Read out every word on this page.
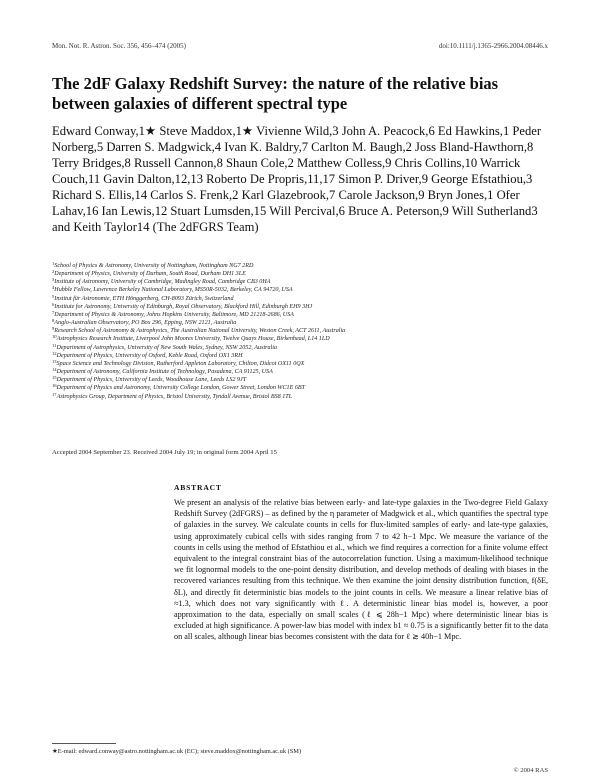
Mon. Not. R. Astron. Soc. 356, 456–474 (2005)	doi:10.1111/j.1365-2966.2004.08446.x
The 2dF Galaxy Redshift Survey: the nature of the relative bias between galaxies of different spectral type
Edward Conway,1★ Steve Maddox,1★ Vivienne Wild,3 John A. Peacock,6 Ed Hawkins,1 Peder Norberg,5 Darren S. Madgwick,4 Ivan K. Baldry,7 Carlton M. Baugh,2 Joss Bland-Hawthorn,8 Terry Bridges,8 Russell Cannon,8 Shaun Cole,2 Matthew Colless,9 Chris Collins,10 Warrick Couch,11 Gavin Dalton,12,13 Roberto De Propris,11,17 Simon P. Driver,9 George Efstathiou,3 Richard S. Ellis,14 Carlos S. Frenk,2 Karl Glazebrook,7 Carole Jackson,9 Bryn Jones,1 Ofer Lahav,16 Ian Lewis,12 Stuart Lumsden,15 Will Percival,6 Bruce A. Peterson,9 Will Sutherland3 and Keith Taylor14 (The 2dFGRS Team)
$^1$School of Physics & Astronomy, University of Nottingham, Nottingham NG7 2RD
$^2$Department of Physics, University of Durham, South Road, Durham DH1 3LE
$^3$Institute of Astronomy, University of Cambridge, Madingley Road, Cambridge CB3 0HA
$^4$Hubble Fellow, Lawrence Berkeley National Laboratory, MS50R-5032, Berkeley, CA 94720, USA
$^5$Institut für Astronomie, ETH Hönggerberg, CH-8093 Zürich, Switzerland
$^6$Institute for Astronomy, University of Edinburgh, Royal Observatory, Blackford Hill, Edinburgh EH9 3HJ
$^7$Department of Physics & Astronomy, Johns Hopkins University, Baltimore, MD 21218-2686, USA
$^8$Anglo-Australian Observatory, PO Box 296, Epping, NSW 2121, Australia
$^9$Research School of Astronomy & Astrophysics, The Australian National University, Weston Creek, ACT 2611, Australia
$^{10}$Astrophysics Research Institute, Liverpool John Moores University, Twelve Quays House, Birkenhead, L14 1LD
$^{11}$Department of Astrophysics, University of New South Wales, Sydney, NSW 2052, Australia
$^{12}$Department of Physics, University of Oxford, Keble Road, Oxford OX1 3RH
$^{13}$Space Science and Technology Division, Rutherford Appleton Laboratory, Chilton, Didcot OX11 0QX
$^{14}$Department of Astronomy, California Institute of Technology, Pasadena, CA 91125, USA
$^{15}$Department of Physics, University of Leeds, Woodhouse Lane, Leeds LS2 9JT
$^{16}$Department of Physics and Astronomy, University College London, Gower Street, London WC1E 6BT
$^{17}$Astrophysics Group, Department of Physics, Bristol University, Tyndall Avenue, Bristol BS8 1TL
Accepted 2004 September 23. Received 2004 July 19; in original form 2004 April 15
ABSTRACT
We present an analysis of the relative bias between early- and late-type galaxies in the Two-degree Field Galaxy Redshift Survey (2dFGRS) – as defined by the η parameter of Madgwick et al., which quantifies the spectral type of galaxies in the survey. We calculate counts in cells for flux-limited samples of early- and late-type galaxies, using approximately cubical cells with sides ranging from 7 to 42 h−1 Mpc. We measure the variance of the counts in cells using the method of Efstathiou et al., which we find requires a correction for a finite volume effect equivalent to the integral constraint bias of the autocorrelation function. Using a maximum-likelihood technique we fit lognormal models to the one-point density distribution, and develop methods of dealing with biases in the recovered variances resulting from this technique. We then examine the joint density distribution function, f(δE, δL), and directly fit deterministic bias models to the joint counts in cells. We measure a linear relative bias of ≈1.3, which does not vary significantly with ℓ. A deterministic linear bias model is, however, a poor approximation to the data, especially on small scales (ℓ ⩽ 28h−1 Mpc) where deterministic linear bias is excluded at high significance. A power-law bias model with index b1 ≈ 0.75 is a significantly better fit to the data on all scales, although linear bias becomes consistent with the data for ℓ ≳ 40h−1 Mpc.
★E-mail: edward.conway@astro.nottingham.ac.uk (EC); steve.maddox@nottingham.ac.uk (SM)
© 2004 RAS
